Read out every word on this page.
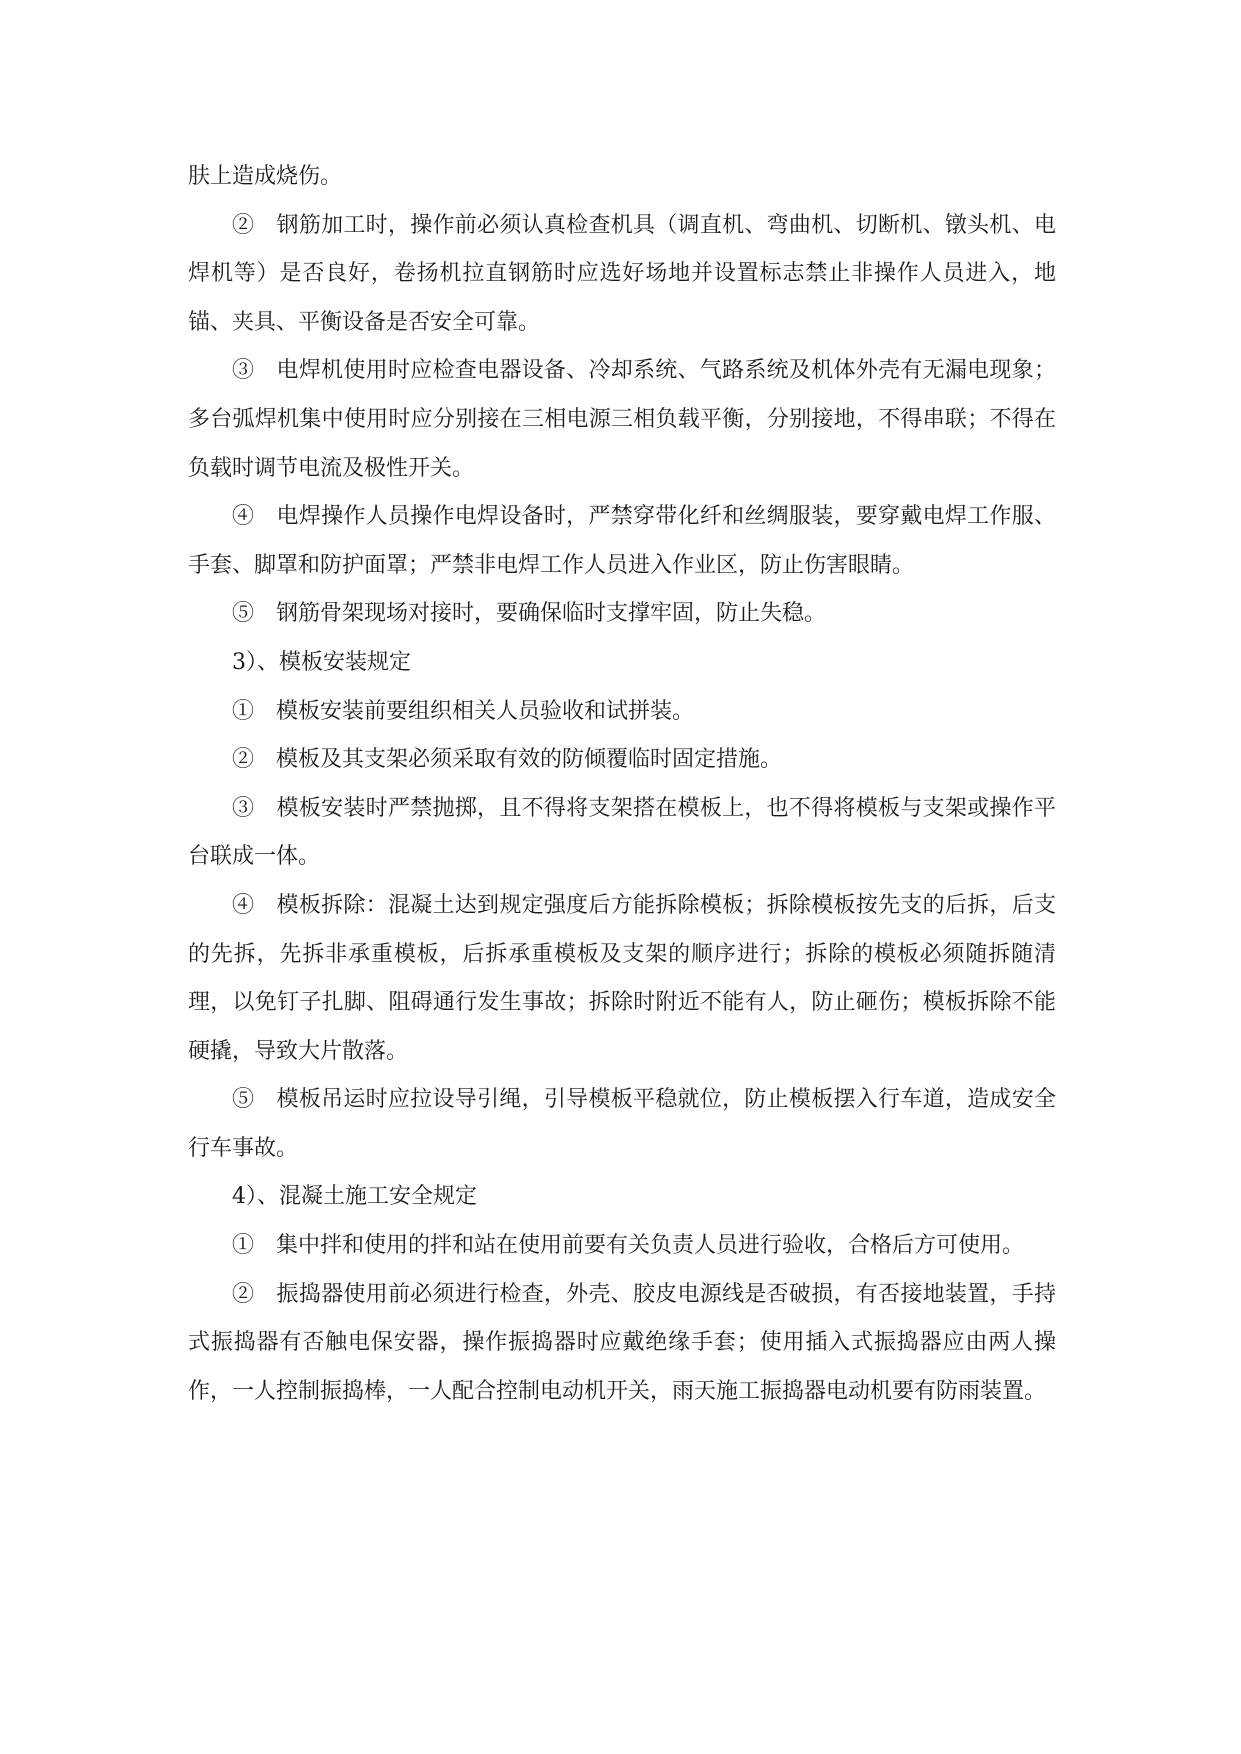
肤上造成烧伤。

②　钢筋加工时，操作前必须认真检查机具（调直机、弯曲机、切断机、镦头机、电焊机等）是否良好，卷扬机拉直钢筋时应选好场地并设置标志禁止非操作人员进入，地锚、夹具、平衡设备是否安全可靠。

③　电焊机使用时应检查电器设备、冷却系统、气路系统及机体外壳有无漏电现象；多台弧焊机集中使用时应分别接在三相电源三相负载平衡，分别接地，不得串联；不得在负载时调节电流及极性开关。

④　电焊操作人员操作电焊设备时，严禁穿带化纤和丝绸服装，要穿戴电焊工作服、手套、脚罩和防护面罩；严禁非电焊工作人员进入作业区，防止伤害眼睛。

⑤　钢筋骨架现场对接时，要确保临时支撑牢固，防止失稳。

3）、模板安装规定

①　模板安装前要组织相关人员验收和试拼装。

②　模板及其支架必须采取有效的防倾覆临时固定措施。

③　模板安装时严禁抛掷，且不得将支架搭在模板上，也不得将模板与支架或操作平台联成一体。

④　模板拆除：混凝土达到规定强度后方能拆除模板；拆除模板按先支的后拆，后支的先拆，先拆非承重模板，后拆承重模板及支架的顺序进行；拆除的模板必须随拆随清理，以免钉子扎脚、阻碍通行发生事故；拆除时附近不能有人，防止砸伤；模板拆除不能硬撬，导致大片散落。

⑤　模板吊运时应拉设导引绳，引导模板平稳就位，防止模板摆入行车道，造成安全行车事故。

4）、混凝土施工安全规定

①　集中拌和使用的拌和站在使用前要有关负责人员进行验收，合格后方可使用。

②　振捣器使用前必须进行检查，外壳、胶皮电源线是否破损，有否接地装置，手持式振捣器有否触电保安器，操作振捣器时应戴绝缘手套；使用插入式振捣器应由两人操作，一人控制振捣棒，一人配合控制电动机开关，雨天施工振捣器电动机要有防雨装置。
